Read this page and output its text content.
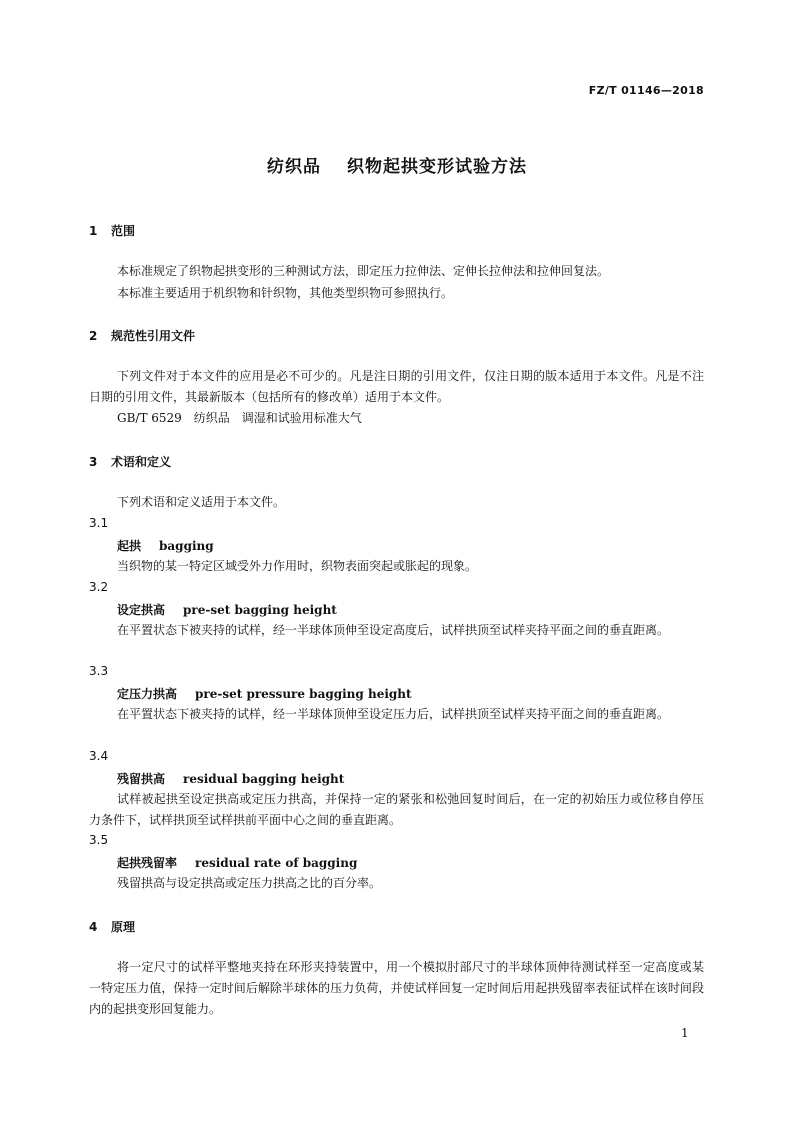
FZ/T 01146—2018
纺织品 织物起拱变形试验方法
1 范围
本标准规定了织物起拱变形的三种测试方法，即定压力拉伸法、定伸长拉伸法和拉伸回复法。
本标准主要适用于机织物和针织物，其他类型织物可参照执行。
2 规范性引用文件
下列文件对于本文件的应用是必不可少的。凡是注日期的引用文件，仅注日期的版本适用于本文件。凡是不注日期的引用文件，其最新版本（包括所有的修改单）适用于本文件。
GB/T 6529　纺织品　调湿和试验用标准大气
3 术语和定义
下列术语和定义适用于本文件。
3.1
起拱 bagging
当织物的某一特定区域受外力作用时，织物表面突起或胀起的现象。
3.2
设定拱高 pre-set bagging height
在平置状态下被夹持的试样，经一半球体顶伸至设定高度后，试样拱顶至试样夹持平面之间的垂直距离。
3.3
定压力拱高 pre-set pressure bagging height
在平置状态下被夹持的试样，经一半球体顶伸至设定压力后，试样拱顶至试样夹持平面之间的垂直距离。
3.4
残留拱高 residual bagging height
试样被起拱至设定拱高或定压力拱高，并保持一定的紧张和松弛回复时间后，在一定的初始压力或位移自停压力条件下，试样拱顶至试样拱前平面中心之间的垂直距离。
3.5
起拱残留率 residual rate of bagging
残留拱高与设定拱高或定压力拱高之比的百分率。
4 原理
将一定尺寸的试样平整地夹持在环形夹持装置中，用一个模拟肘部尺寸的半球体顶伸待测试样至一定高度或某一特定压力值，保持一定时间后解除半球体的压力负荷，并使试样回复一定时间后用起拱残留率表征试样在该时间段内的起拱变形回复能力。
1
